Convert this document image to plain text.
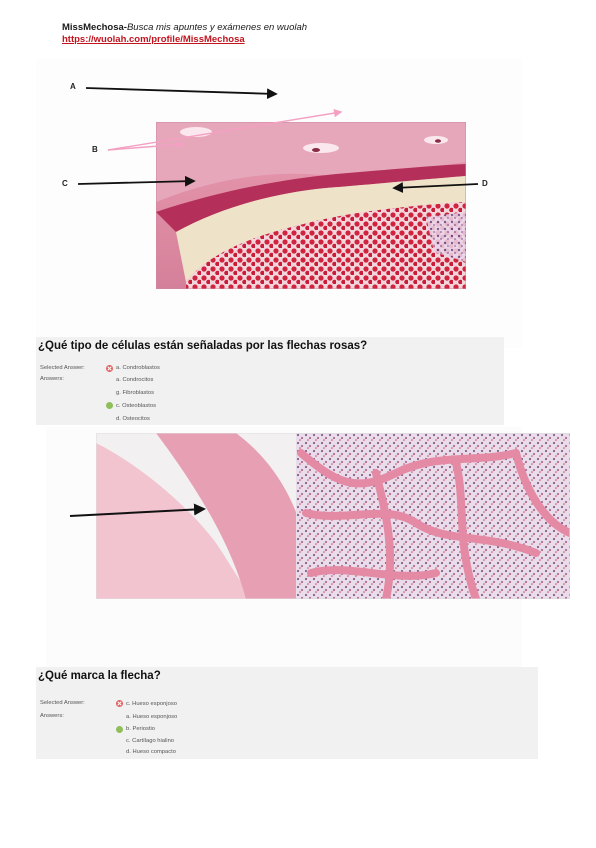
MissMechosa-Busca mis apuntes y exámenes en wuolah
https://wuolah.com/profile/MissMechosa
A
B
C	D
¿Qué tipo de células están señaladas por las flechas rosas?
Selected Answer:
Answers:
a. Condroblastos
a. Condrocitos
g. Fibroblastos
c. Osteoblastos
d. Osteocitos
¿Qué marca la flecha?
Selected Answer:
Answers:
c. Hueso esponjoso
a. Hueso esponjoso
b. Periostio
c. Cartílago hialino
d. Hueso compacto
